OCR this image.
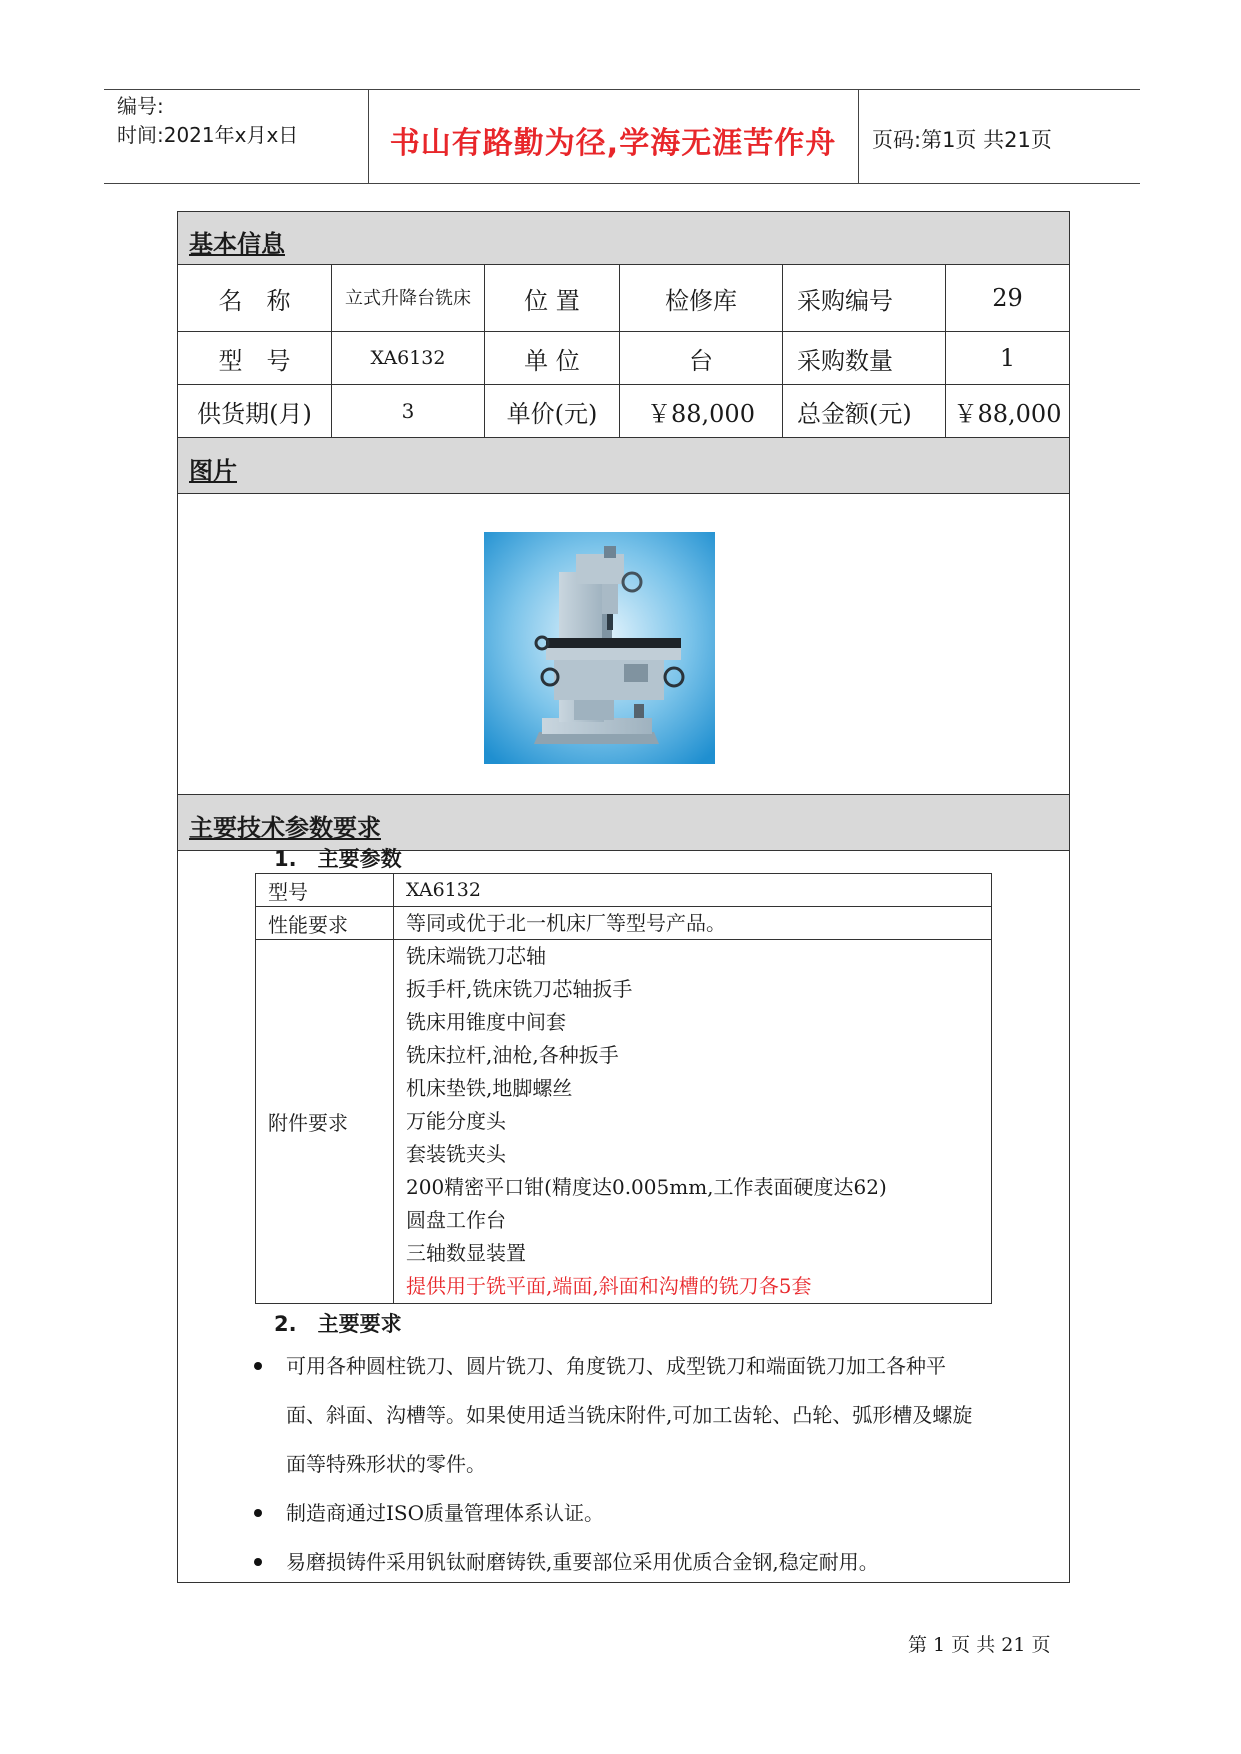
编号:
时间:2021年x月x日	书山有路勤为径,学海无涯苦作舟	页码:第1页 共21页
基本信息
名　称	立式升降台铣床	位 置	检修库	采购编号	29
型　号	XA6132	单 位	台	采购数量	1
供货期(月)	3	单价(元)	￥88,000	总金额(元)	￥88,000
图片
主要技术参数要求
1.　主要参数
型号	XA6132
性能要求	等同或优于北一机床厂等型号产品。
附件要求
铣床端铣刀芯轴
扳手杆,铣床铣刀芯轴扳手
铣床用锥度中间套
铣床拉杆,油枪,各种扳手
机床垫铁,地脚螺丝
万能分度头
套装铣夹头
200精密平口钳(精度达0.005mm,工作表面硬度达62)
圆盘工作台
三轴数显装置
提供用于铣平面,端面,斜面和沟槽的铣刀各5套
2.　主要要求
可用各种圆柱铣刀、圆片铣刀、角度铣刀、成型铣刀和端面铣刀加工各种平面、斜面、沟槽等。如果使用适当铣床附件,可加工齿轮、凸轮、弧形槽及螺旋面等特殊形状的零件。
制造商通过ISO质量管理体系认证。
易磨损铸件采用钒钛耐磨铸铁,重要部位采用优质合金钢,稳定耐用。
第 1 页 共 21 页
